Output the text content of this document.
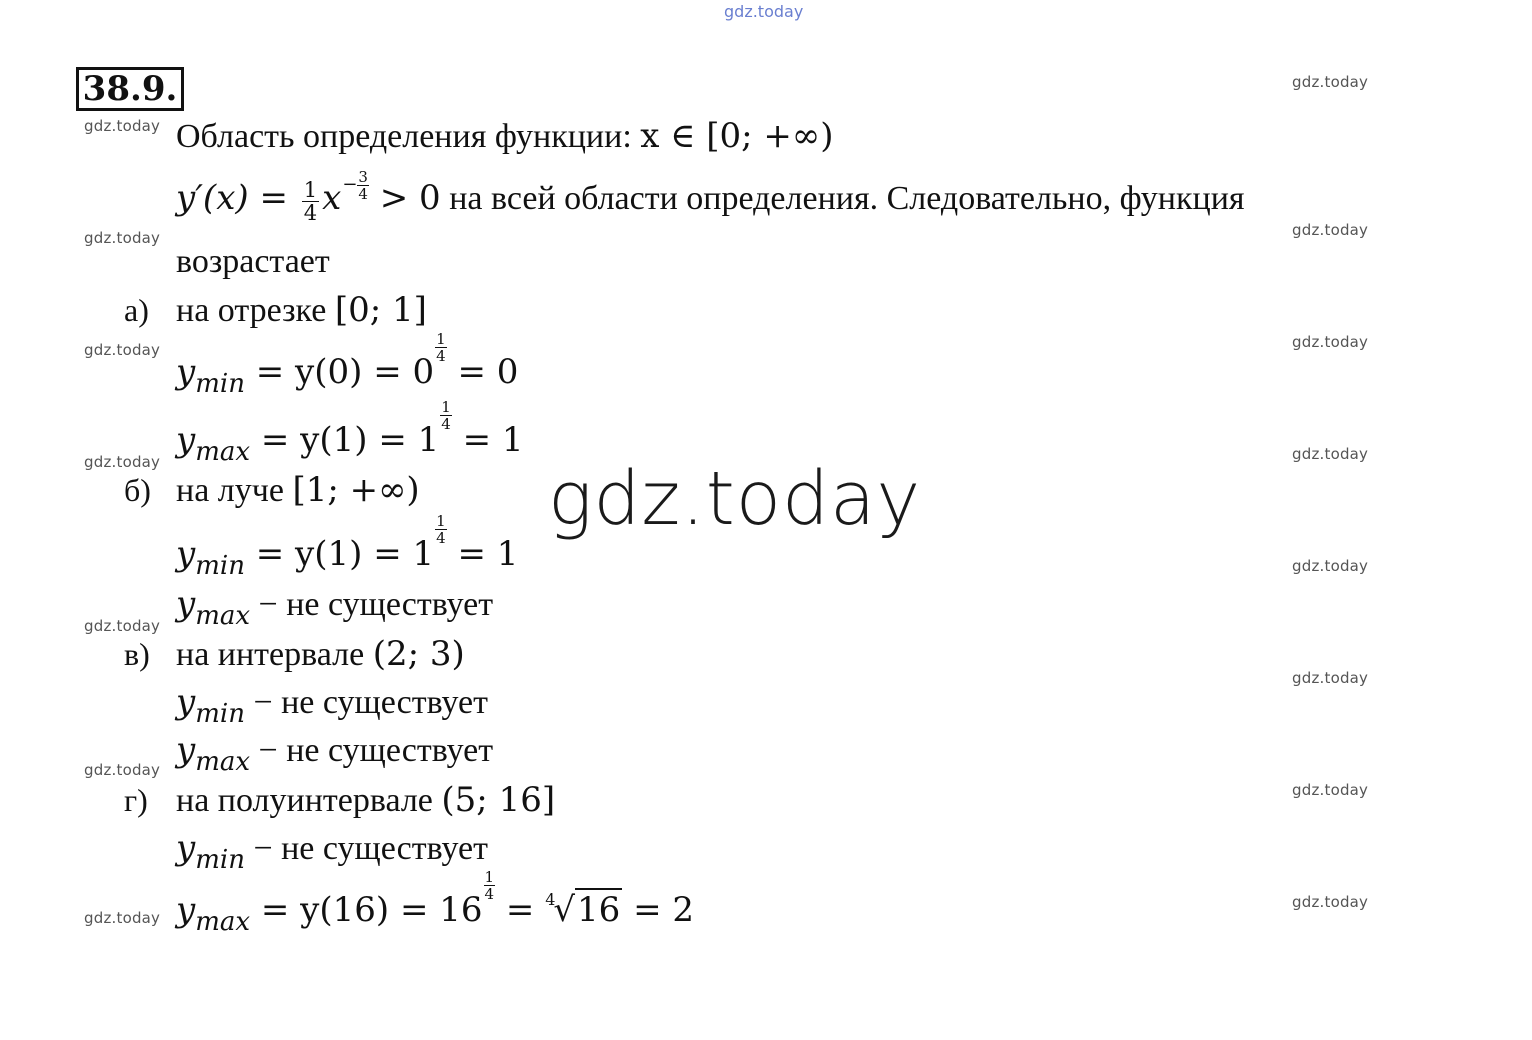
gdz.today
gdz.today
gdz.today
gdz.today
gdz.today
gdz.today
gdz.today
gdz.today
gdz.today
gdz.today
gdz.today
gdz.today
gdz.today
gdz.today
gdz.today
gdz.today
gdz.today
38.9.
Область определения функции: x ∈ [0; +∞)
$y'(x) = \frac{1}{4} x- \frac{3}{4} > 0$ на всей области определения. Следовательно, функция
возрастает
а) на отрезке [0; 1]
$y_{min} = y(0) = 0$
$\frac{1}{4}$
= 0
$y_{max} = y(1) = 1$
$\frac{1}{4}$
= 1
б) на луче [1; +∞)
$y_{min} = y(1) = 1$
$\frac{1}{4}$
= 1
$y_{max}$ − не существует
в) на интервале (2; 3)
$y_{min}$ − не существует
$y_{max}$ − не существует
г) на полуинтервале (5; 16]
$y_{min}$ − не существует
$y_{max} = y(16) = 16$
$\frac{1}{4}$
= $^4$√16 = 2
